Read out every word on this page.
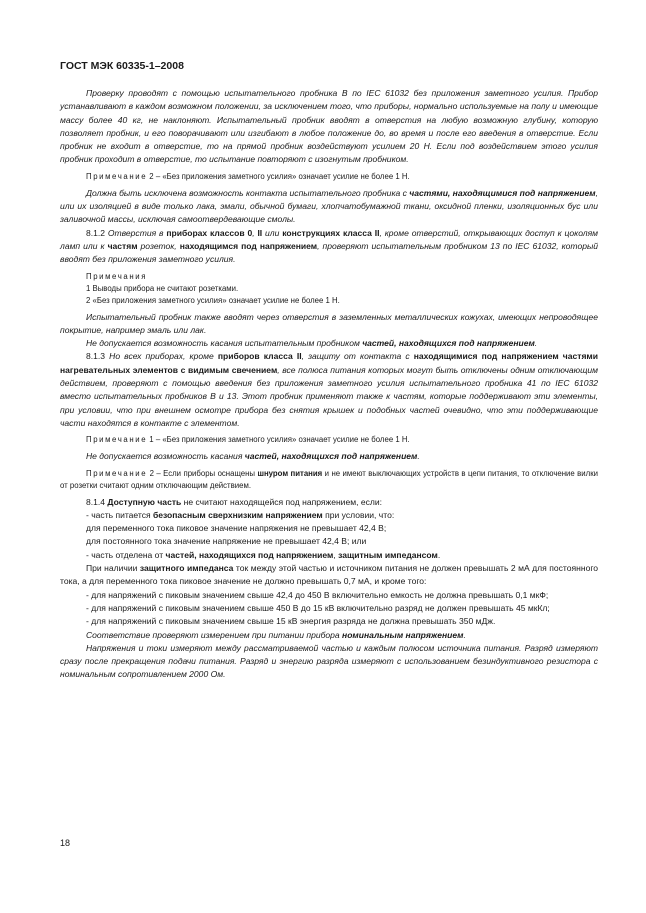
ГОСТ МЭК 60335-1–2008

Проверку проводят с помощью испытательного пробника В по IEC 61032 без приложения заметного усилия. Прибор устанавливают в каждом возможном положении, за исключением того, что приборы, нормально используемые на полу и имеющие массу более 40 кг, не наклоняют. Испытательный пробник вводят в отверстия на любую возможную глубину, которую позволяет пробник, и его поворачивают или изгибают в любое положение до, во время и после его введения в отверстие. Если пробник не входит в отверстие, то на прямой пробник воздействуют усилием 20 Н. Если под воздействием этого усилия пробник проходит в отверстие, то испытание повторяют с изогнутым пробником.

Примечание 2 – «Без приложения заметного усилия» означает усилие не более 1 Н.

Должна быть исключена возможность контакта испытательного пробника с частями, находящимися под напряжением, или их изоляцией в виде только лака, эмали, обычной бумаги, хлопчатобумажной ткани, оксидной пленки, изоляционных бус или заливочной массы, исключая самоотвердевающие смолы.

8.1.2 Отверстия в приборах классов 0, II или конструкциях класса II, кроме отверстий, открывающих доступ к цоколям ламп или к частям розеток, находящимся под напряжением, проверяют испытательным пробником 13 по IEC 61032, который вводят без приложения заметного усилия.

Примечания

1 Выводы прибора не считают розетками.

2 «Без приложения заметного усилия» означает усилие не более 1 Н.

Испытательный пробник также вводят через отверстия в заземленных металлических кожухах, имеющих непроводящее покрытие, например эмаль или лак.

Не допускается возможность касания испытательным пробником частей, находящихся под напряжением.

8.1.3 Но всех приборах, кроме приборов класса II, защиту от контакта с находящимися под напряжением частями нагревательных элементов с видимым свечением, все полюса питания которых могут быть отключены одним отключающим действием, проверяют с помощью введения без приложения заметного усилия испытательного пробника 41 по IEC 61032 вместо испытательных пробников В и 13. Этот пробник применяют также к частям, которые поддерживают эти элементы, при условии, что при внешнем осмотре прибора без снятия крышек и подобных частей очевидно, что эти поддерживающие части находятся в контакте с элементом.

Примечание 1 – «Без приложения заметного усилия» означает усилие не более 1 Н.

Не допускается возможность касания частей, находящихся под напряжением.

Примечание 2 – Если приборы оснащены шнуром питания и не имеют выключающих устройств в цепи питания, то отключение вилки от розетки считают одним отключающим действием.

8.1.4 Доступную часть не считают находящейся под напряжением, если:

- часть питается безопасным сверхнизким напряжением при условии, что:

для переменного тока пиковое значение напряжения не превышает 42,4 В;

для постоянного тока значение напряжение не превышает 42,4 В; или

- часть отделена от частей, находящихся под напряжением, защитным импедансом.

При наличии защитного импеданса ток между этой частью и источником питания не должен превышать 2 мА для постоянного тока, а для переменного тока пиковое значение не должно превышать 0,7 мА, и кроме того:

- для напряжений с пиковым значением свыше 42,4 до 450 В включительно емкость не должна превышать 0,1 мкФ;

- для напряжений с пиковым значением свыше 450 В до 15 кВ включительно разряд не должен превышать 45 мкКл;

- для напряжений с пиковым значением свыше 15 кВ энергия разряда не должна превышать 350 мДж.

Соответствие проверяют измерением при питании прибора номинальным напряжением.

Напряжения и токи измеряют между рассматриваемой частью и каждым полюсом источника питания. Разряд измеряют сразу после прекращения подачи питания. Разряд и энергию разряда измеряют с использованием безиндуктивного резистора с номинальным сопротивлением 2000 Ом.

18
